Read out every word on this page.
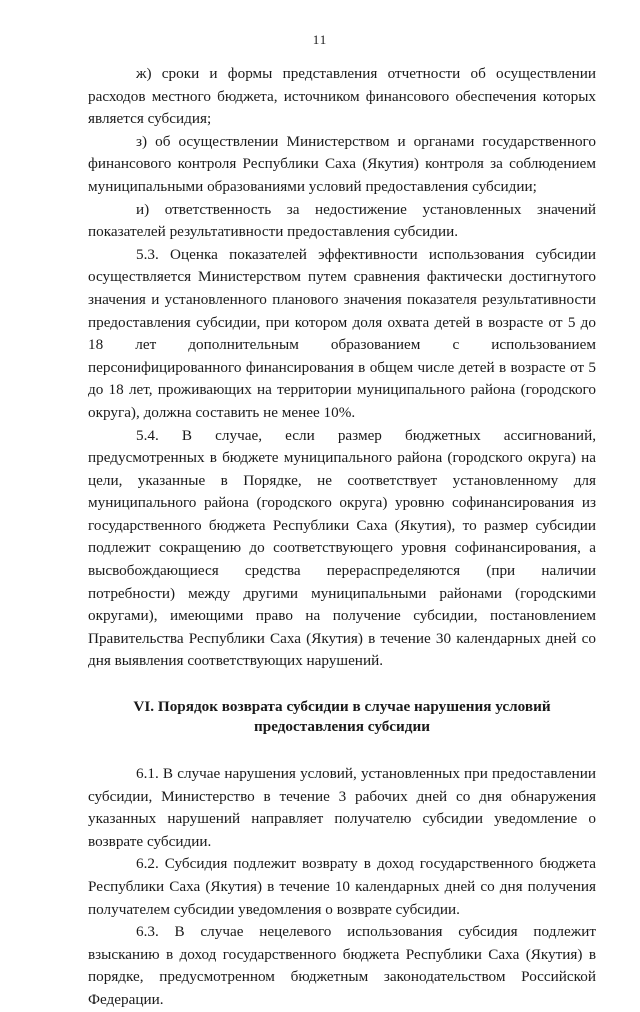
11

ж) сроки и формы представления отчетности об осуществлении расходов местного бюджета, источником финансового обеспечения которых является субсидия;

з) об осуществлении Министерством и органами государственного финансового контроля Республики Саха (Якутия) контроля за соблюдением муниципальными образованиями условий предоставления субсидии;

и) ответственность за недостижение установленных значений показателей результативности предоставления субсидии.

5.3. Оценка показателей эффективности использования субсидии осуществляется Министерством путем сравнения фактически достигнутого значения и установленного планового значения показателя результативности предоставления субсидии, при котором доля охвата детей в возрасте от 5 до 18 лет дополнительным образованием с использованием персонифицированного финансирования в общем числе детей в возрасте от 5 до 18 лет, проживающих на территории муниципального района (городского округа), должна составить не менее 10%.

5.4. В случае, если размер бюджетных ассигнований, предусмотренных в бюджете муниципального района (городского округа) на цели, указанные в Порядке, не соответствует установленному для муниципального района (городского округа) уровню софинансирования из государственного бюджета Республики Саха (Якутия), то размер субсидии подлежит сокращению до соответствующего уровня софинансирования, а высвобождающиеся средства перераспределяются (при наличии потребности) между другими муниципальными районами (городскими округами), имеющими право на получение субсидии, постановлением Правительства Республики Саха (Якутия) в течение 30 календарных дней со дня выявления соответствующих нарушений.

VI. Порядок возврата субсидии в случае нарушения условий
предоставления субсидии

6.1. В случае нарушения условий, установленных при предоставлении субсидии, Министерство в течение 3 рабочих дней со дня обнаружения указанных нарушений направляет получателю субсидии уведомление о возврате субсидии.

6.2. Субсидия подлежит возврату в доход государственного бюджета Республики Саха (Якутия) в течение 10 календарных дней со дня получения получателем субсидии уведомления о возврате субсидии.

6.3. В случае нецелевого использования субсидия подлежит взысканию в доход государственного бюджета Республики Саха (Якутия) в порядке, предусмотренном бюджетным законодательством Российской Федерации.
